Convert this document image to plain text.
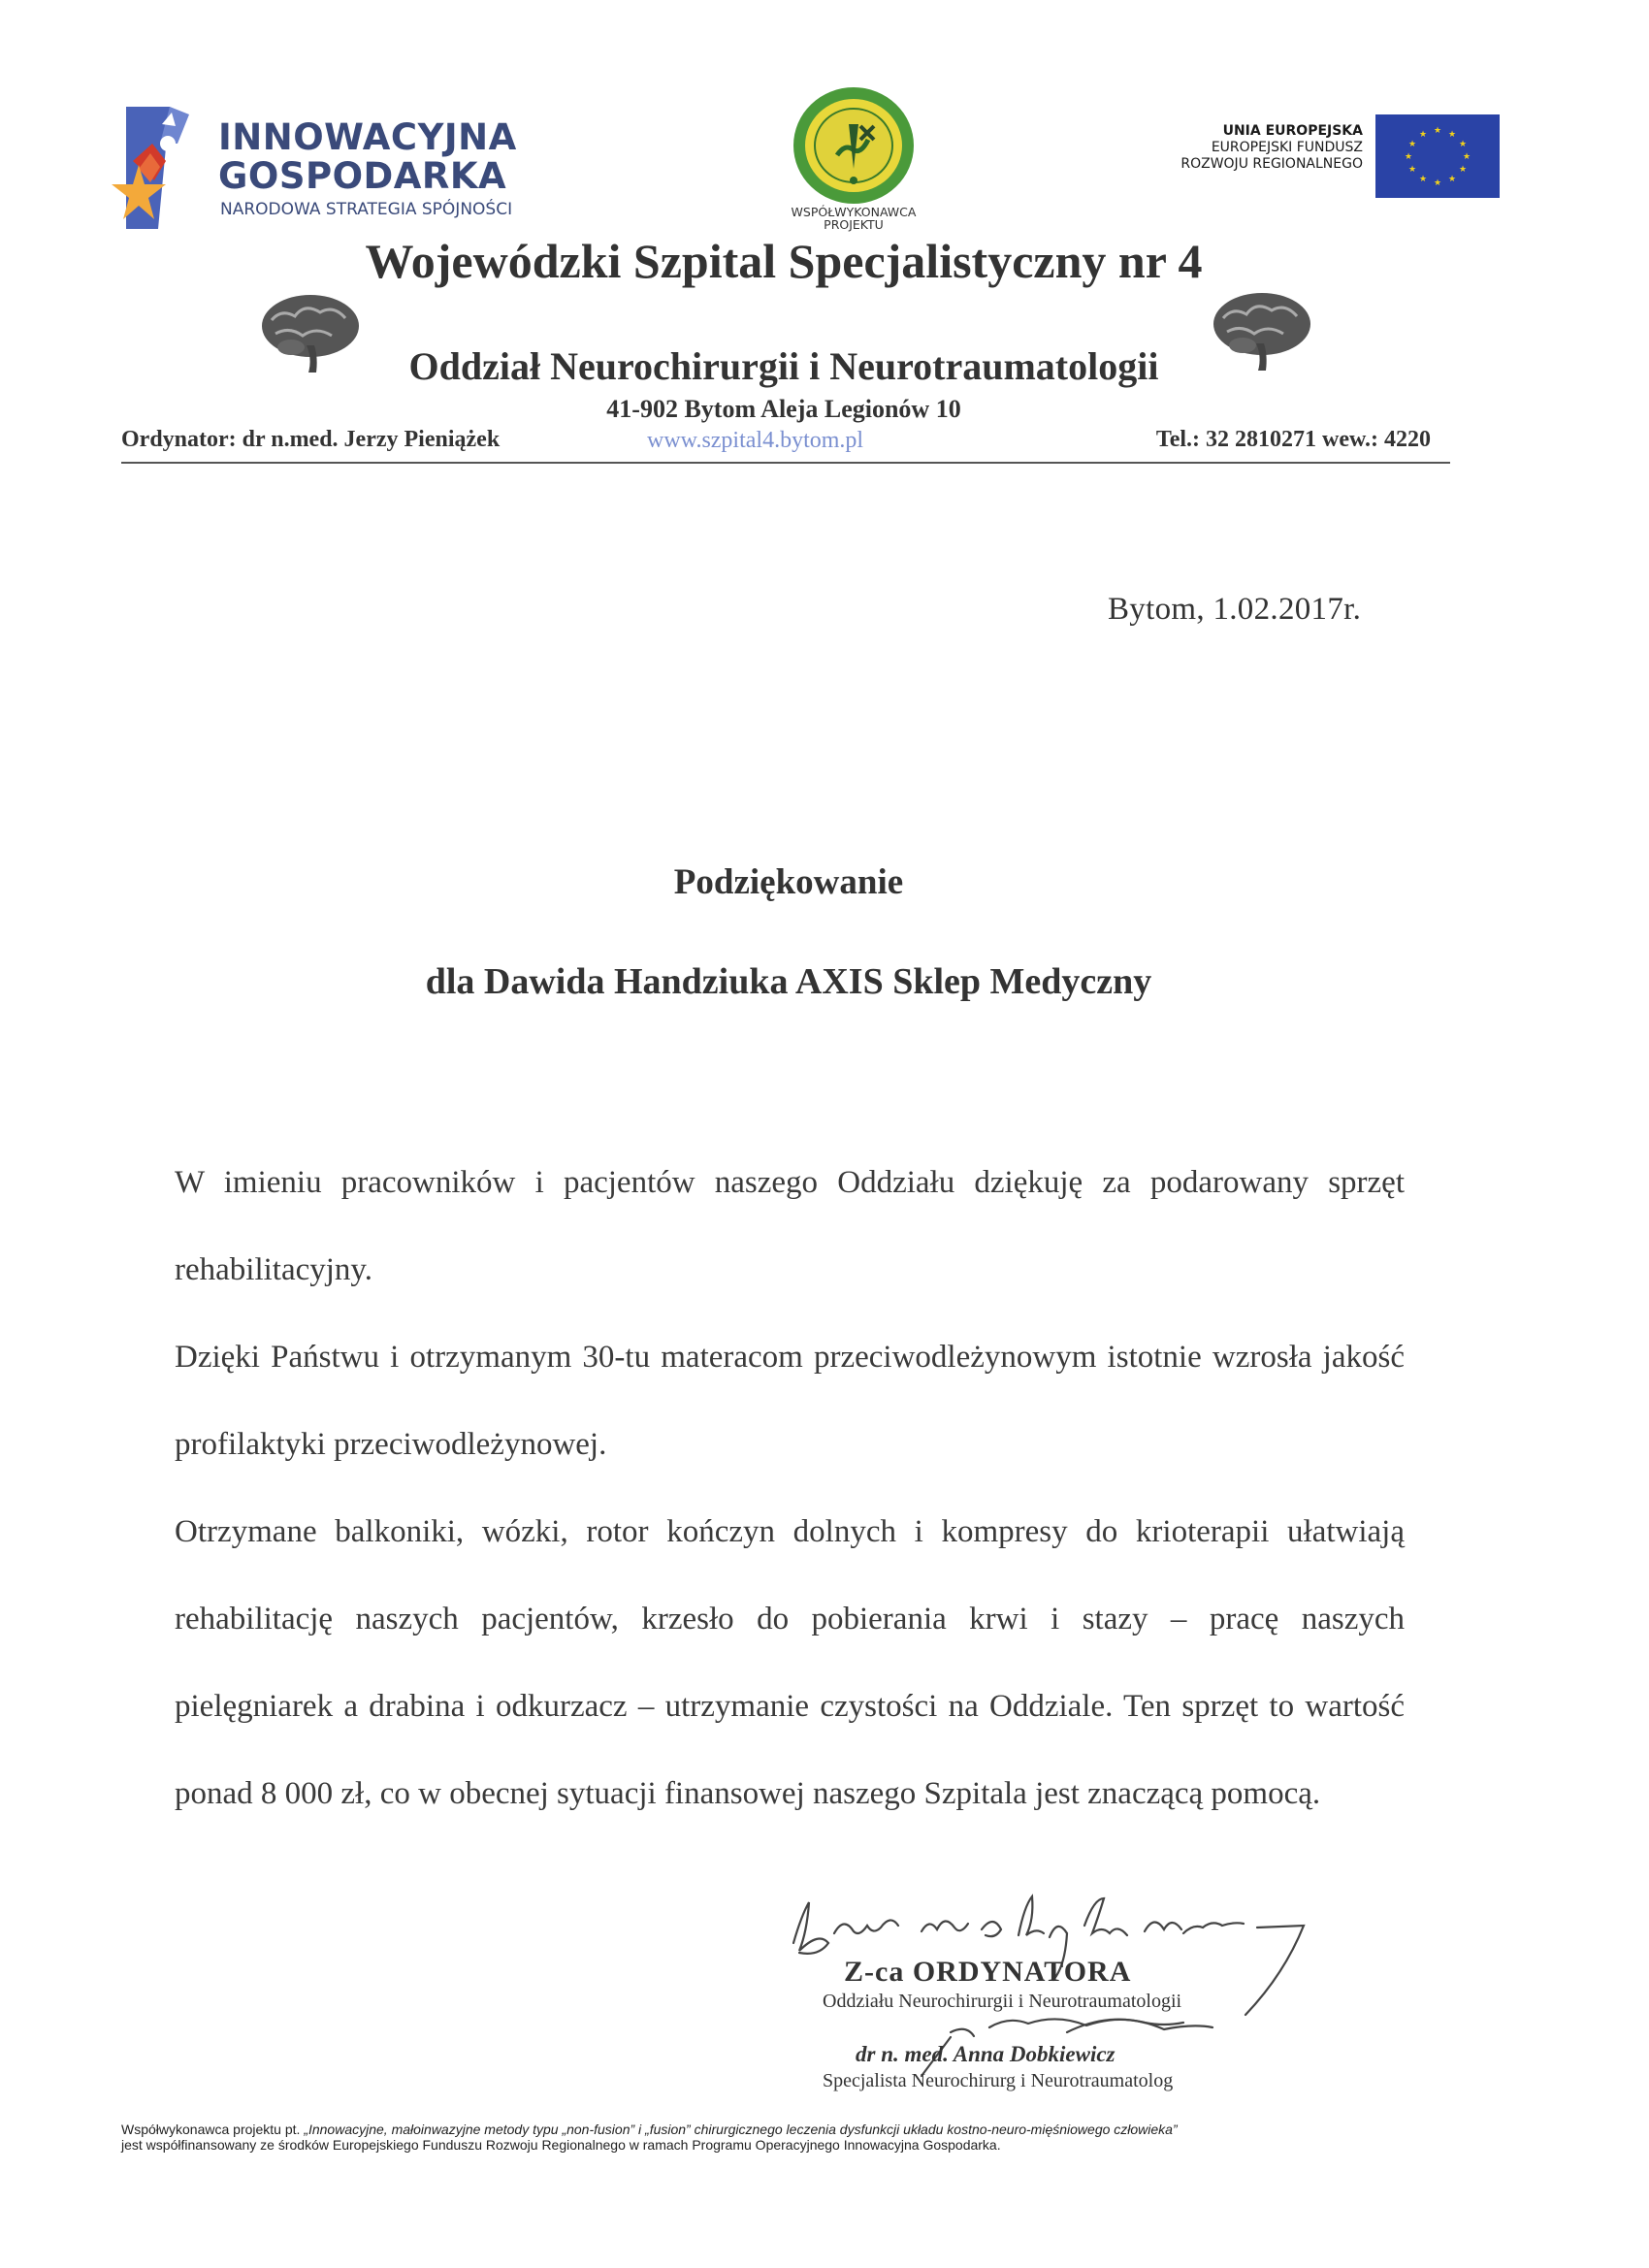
INNOWACYJNA
GOSPODARKA
NARODOWA STRATEGIA SPÓJNOŚCI	WSPÓŁWYKONAWCA
PROJEKTU
UNIA EUROPEJSKA
EUROPEJSKI FUNDUSZ
ROZWOJU REGIONALNEGO
★ ★
★
★
★
★
★
★
★
★
★
★
Wojewódzki Szpital Specjalistyczny nr 4
Oddział Neurochirurgii i Neurotraumatologii
41-902 Bytom Aleja Legionów 10
Ordynator: dr n.med. Jerzy Pieniążek	www.szpital4.bytom.pl	Tel.: 32 2810271 wew.: 4220
Bytom, 1.02.2017r.
Podziękowanie
dla Dawida Handziuka AXIS Sklep Medyczny

W imieniu pracowników i pacjentów naszego Oddziału dziękuję za podarowany sprzęt rehabilitacyjny.

Dzięki Państwu i otrzymanym 30-tu materacom przeciwodleżynowym istotnie wzrosła jakość profilaktyki przeciwodleżynowej.

Otrzymane balkoniki, wózki, rotor kończyn dolnych i kompresy do krioterapii ułatwiają rehabilitację naszych pacjentów, krzesło do pobierania krwi i stazy – pracę naszych pielęgniarek a drabina i odkurzacz – utrzymanie czystości na Oddziale. Ten sprzęt to wartość ponad 8 000 zł, co w obecnej sytuacji finansowej naszego Szpitala jest znaczącą pomocą.

Z-ca ORDYNATORA
Oddziału Neurochirurgii i Neurotraumatologii
dr n. med. Anna Dobkiewicz
Specjalista Neurochirurg i Neurotraumatolog
Współwykonawca projektu pt. „Innowacyjne, małoinwazyjne metody typu „non-fusion” i „fusion” chirurgicznego leczenia dysfunkcji układu kostno-neuro-mięśniowego człowieka”
jest współfinansowany ze środków Europejskiego Funduszu Rozwoju Regionalnego w ramach Programu Operacyjnego Innowacyjna Gospodarka.
